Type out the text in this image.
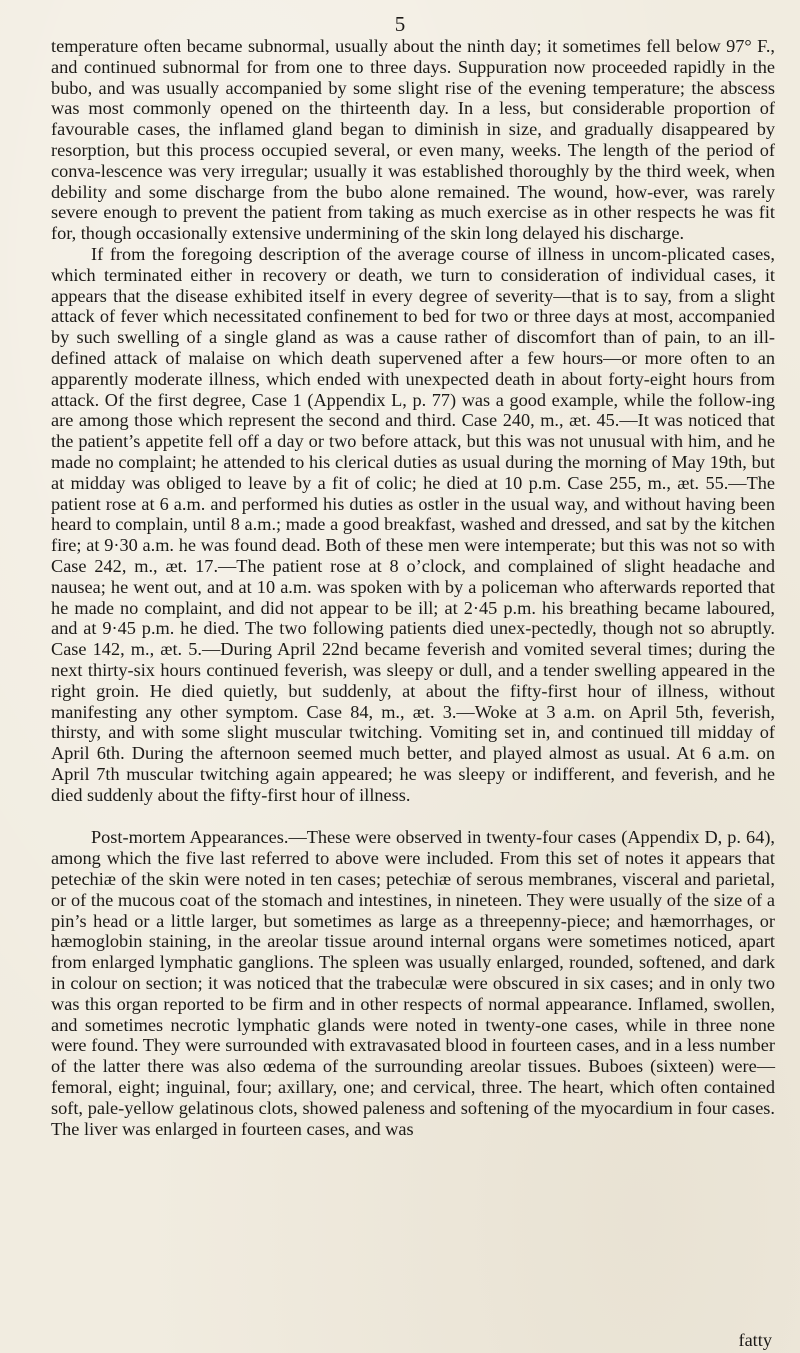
5

temperature often became subnormal, usually about the ninth day; it sometimes fell below 97° F., and continued subnormal for from one to three days. Suppuration now proceeded rapidly in the bubo, and was usually accompanied by some slight rise of the evening temperature; the abscess was most commonly opened on the thirteenth day. In a less, but considerable proportion of favourable cases, the inflamed gland began to diminish in size, and gradually disappeared by resorption, but this process occupied several, or even many, weeks. The length of the period of conva-lescence was very irregular; usually it was established thoroughly by the third week, when debility and some discharge from the bubo alone remained. The wound, how-ever, was rarely severe enough to prevent the patient from taking as much exercise as in other respects he was fit for, though occasionally extensive undermining of the skin long delayed his discharge.

If from the foregoing description of the average course of illness in uncom-plicated cases, which terminated either in recovery or death, we turn to consideration of individual cases, it appears that the disease exhibited itself in every degree of severity—that is to say, from a slight attack of fever which necessitated confinement to bed for two or three days at most, accompanied by such swelling of a single gland as was a cause rather of discomfort than of pain, to an ill-defined attack of malaise on which death supervened after a few hours—or more often to an apparently moderate illness, which ended with unexpected death in about forty-eight hours from attack. Of the first degree, Case 1 (Appendix L, p. 77) was a good example, while the follow-ing are among those which represent the second and third. Case 240, m., æt. 45.—It was noticed that the patient’s appetite fell off a day or two before attack, but this was not unusual with him, and he made no complaint; he attended to his clerical duties as usual during the morning of May 19th, but at midday was obliged to leave by a fit of colic; he died at 10 p.m. Case 255, m., æt. 55.—The patient rose at 6 a.m. and performed his duties as ostler in the usual way, and without having been heard to complain, until 8 a.m.; made a good breakfast, washed and dressed, and sat by the kitchen fire; at 9·30 a.m. he was found dead. Both of these men were intemperate; but this was not so with Case 242, m., æt. 17.—The patient rose at 8 o’clock, and complained of slight headache and nausea; he went out, and at 10 a.m. was spoken with by a policeman who afterwards reported that he made no complaint, and did not appear to be ill; at 2·45 p.m. his breathing became laboured, and at 9·45 p.m. he died. The two following patients died unex-pectedly, though not so abruptly. Case 142, m., æt. 5.—During April 22nd became feverish and vomited several times; during the next thirty-six hours continued feverish, was sleepy or dull, and a tender swelling appeared in the right groin. He died quietly, but suddenly, at about the fifty-first hour of illness, without manifesting any other symptom. Case 84, m., æt. 3.—Woke at 3 a.m. on April 5th, feverish, thirsty, and with some slight muscular twitching. Vomiting set in, and continued till midday of April 6th. During the afternoon seemed much better, and played almost as usual. At 6 a.m. on April 7th muscular twitching again appeared; he was sleepy or indifferent, and feverish, and he died suddenly about the fifty-first hour of illness.

Post-mortem Appearances.—These were observed in twenty-four cases (Appendix D, p. 64), among which the five last referred to above were included. From this set of notes it appears that petechiæ of the skin were noted in ten cases; petechiæ of serous membranes, visceral and parietal, or of the mucous coat of the stomach and intestines, in nineteen. They were usually of the size of a pin’s head or a little larger, but sometimes as large as a threepenny-piece; and hæmorrhages, or hæmoglobin staining, in the areolar tissue around internal organs were sometimes noticed, apart from enlarged lymphatic ganglions. The spleen was usually enlarged, rounded, softened, and dark in colour on section; it was noticed that the trabeculæ were obscured in six cases; and in only two was this organ reported to be firm and in other respects of normal appearance. Inflamed, swollen, and sometimes necrotic lymphatic glands were noted in twenty-one cases, while in three none were found. They were surrounded with extravasated blood in fourteen cases, and in a less number of the latter there was also œdema of the surrounding areolar tissues. Buboes (sixteen) were—femoral, eight; inguinal, four; axillary, one; and cervical, three. The heart, which often contained soft, pale-yellow gelatinous clots, showed paleness and softening of the myocardium in four cases. The liver was enlarged in fourteen cases, and was

fatty
